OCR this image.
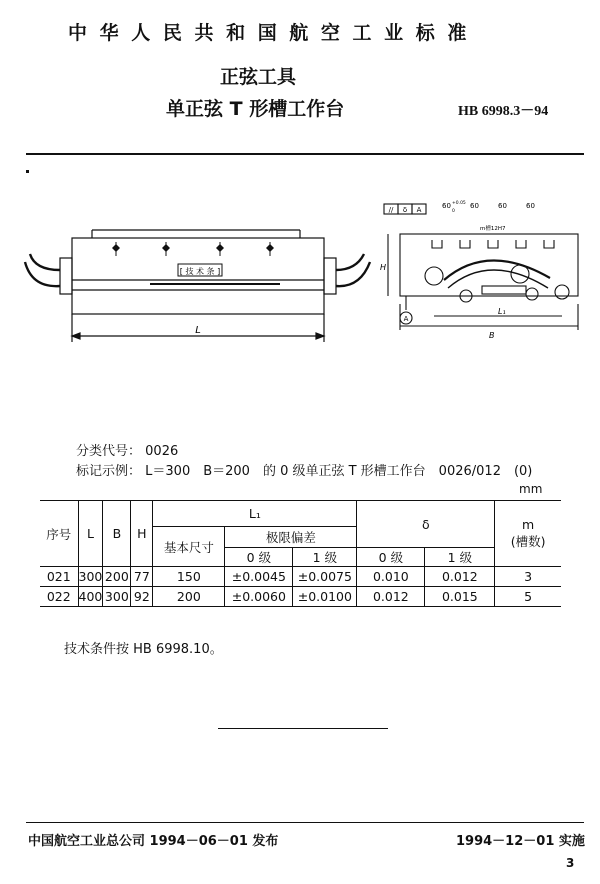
中 华 人 民 共 和 国 航 空 工 业 标 准
正弦工具
单正弦 T 形槽工作台	HB 6998.3－94
[ 技 术 条 ]
L
// δ A	60	60	60	60
+0.05
0
m槽12H7
H
L₁
B
A
分类代号： 0026
标记示例： L＝300　B＝200　的 0 级单正弦 T 形槽工作台　0026/012　(0)
mm
序号	L	B	H	L₁			δ		m
(槽数)

				基本尺寸	极限偏差				
					0 级	1 级	0 级	1 级	
021	300	200	77	150	±0.0045	±0.0075	0.010	0.012	3
022	400	300	92	200	±0.0060	±0.0100	0.012	0.015	5
技术条件按 HB 6998.10。
中国航空工业总公司 1994－06－01 发布	1994－12－01 实施
3
